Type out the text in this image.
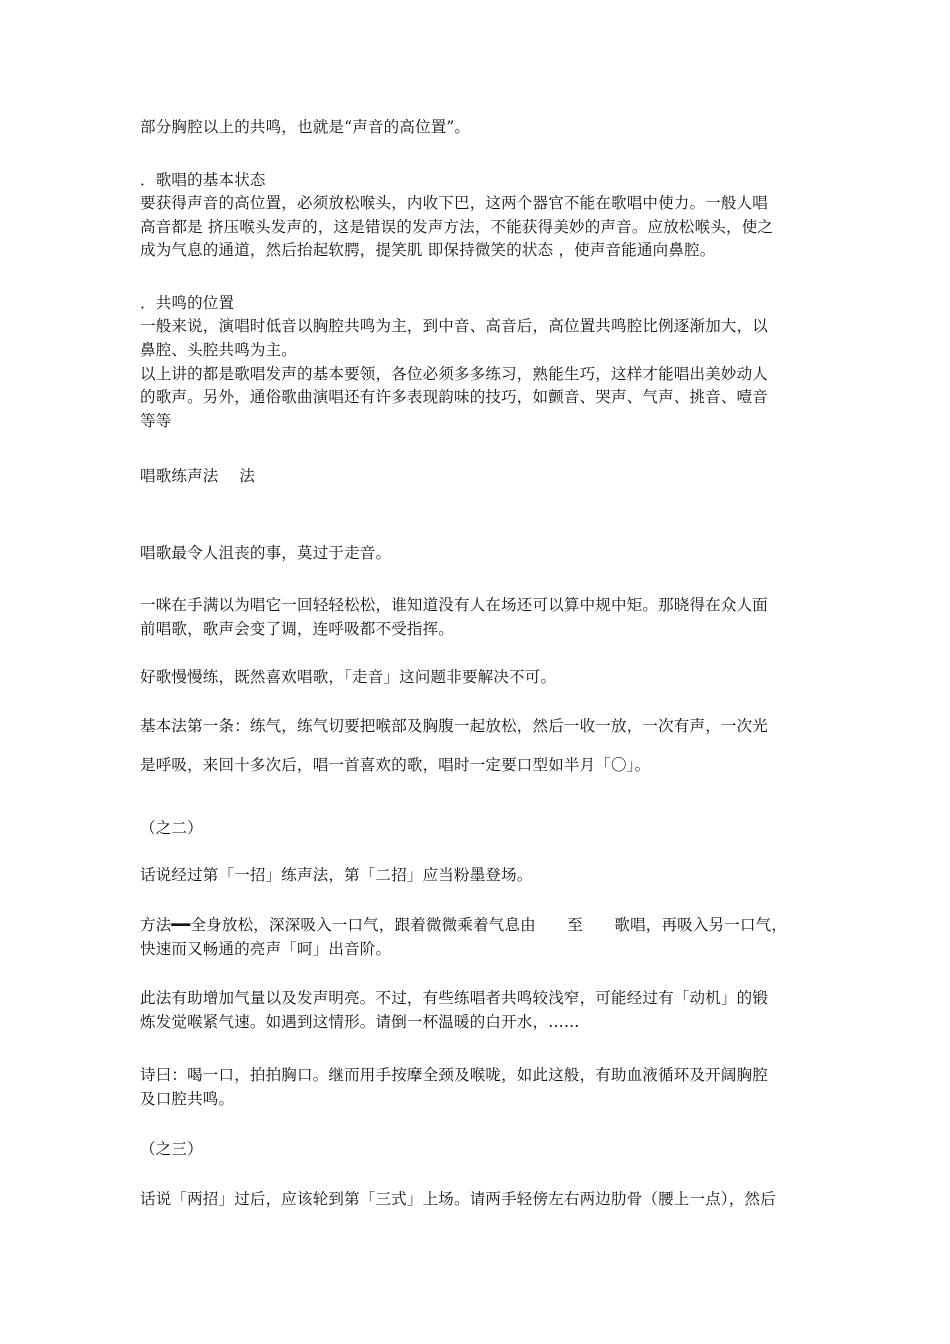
部分胸腔以上的共鸣，也就是“声音的高位置”。
．歌唱的基本状态
要获得声音的高位置，必须放松喉头，内收下巴，这两个器官不能在歌唱中使力。一般人唱
高音都是 挤压喉头发声的，这是错误的发声方法，不能获得美妙的声音。应放松喉头，使之
成为气息的通道，然后抬起软腭，提笑肌 即保持微笑的状态 ，使声音能通向鼻腔。
．共鸣的位置
一般来说，演唱时低音以胸腔共鸣为主，到中音、高音后，高位置共鸣腔比例逐渐加大，以
鼻腔、头腔共鸣为主。
以上讲的都是歌唱发声的基本要领，各位必须多多练习，熟能生巧，这样才能唱出美妙动人
的歌声。另外，通俗歌曲演唱还有许多表现韵味的技巧，如颤音、哭声、气声、挑音、噎音
等等
唱歌练声法　 法
唱歌最令人沮丧的事，莫过于走音。
一咪在手满以为唱它一回轻轻松松，谁知道没有人在场还可以算中规中矩。那晓得在众人面
前唱歌，歌声会变了调，连呼吸都不受指挥。
好歌慢慢练，既然喜欢唱歌，「走音」这问题非要解决不可。
基本法第一条：练气，练气切要把喉部及胸腹一起放松，然后一收一放，一次有声，一次光
是呼吸，来回十多次后，唱一首喜欢的歌，唱时一定要口型如半月「〇」。
（之二）
话说经过第「一招」练声法，第「二招」应当粉墨登场。
方法━━全身放松，深深吸入一口气，跟着微微乘着气息由　　至　　歌唱，再吸入另一口气，
快速而又畅通的亮声「呵」出音阶。
此法有助增加气量以及发声明亮。不过，有些练唱者共鸣较浅窄，可能经过有「动机」的锻
炼发觉喉紧气速。如遇到这情形。请倒一杯温暖的白开水，……
诗曰：喝一口，拍拍胸口。继而用手按摩全颈及喉咙，如此这般，有助血液循环及开阔胸腔
及口腔共鸣。
（之三）
话说「两招」过后，应该轮到第「三式」上场。请两手轻傍左右两边肋骨（腰上一点），然后
